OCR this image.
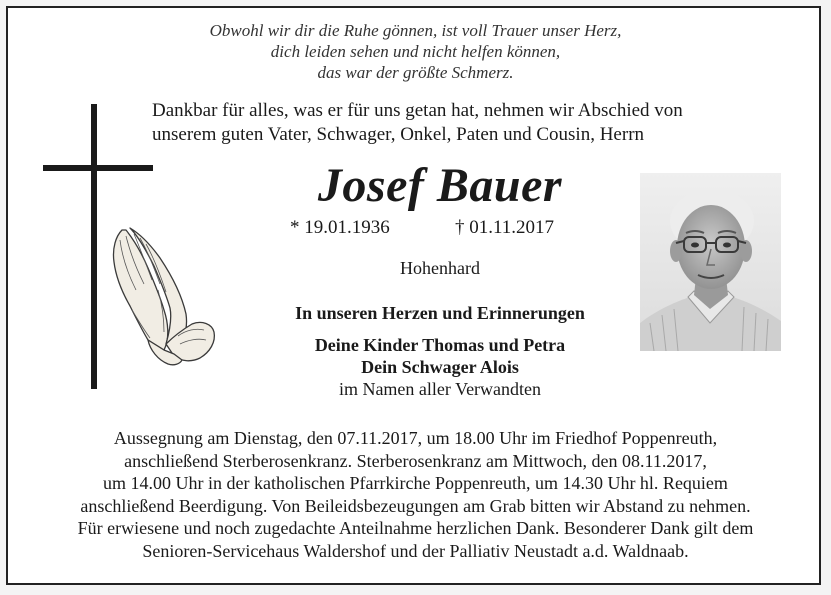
Obwohl wir dir die Ruhe gönnen, ist voll Trauer unser Herz,
dich leiden sehen und nicht helfen können,
das war der größte Schmerz.
Dankbar für alles, was er für uns getan hat, nehmen wir Abschied von
unserem guten Vater, Schwager, Onkel, Paten und Cousin, Herrn
Josef Bauer
* 19.01.1936	† 01.11.2017
Hohenhard
In unseren Herzen und Erinnerungen
Deine Kinder Thomas und Petra
Dein Schwager Alois
im Namen aller Verwandten
Aussegnung am Dienstag, den 07.11.2017, um 18.00 Uhr im Friedhof Poppenreuth,
anschließend Sterberosenkranz. Sterberosenkranz am Mittwoch, den 08.11.2017,
um 14.00 Uhr in der katholischen Pfarrkirche Poppenreuth, um 14.30 Uhr hl. Requiem
anschließend Beerdigung. Von Beileidsbezeugungen am Grab bitten wir Abstand zu nehmen.
Für erwiesene und noch zugedachte Anteilnahme herzlichen Dank. Besonderer Dank gilt dem
Senioren-Servicehaus Waldershof und der Palliativ Neustadt a.d. Waldnaab.
